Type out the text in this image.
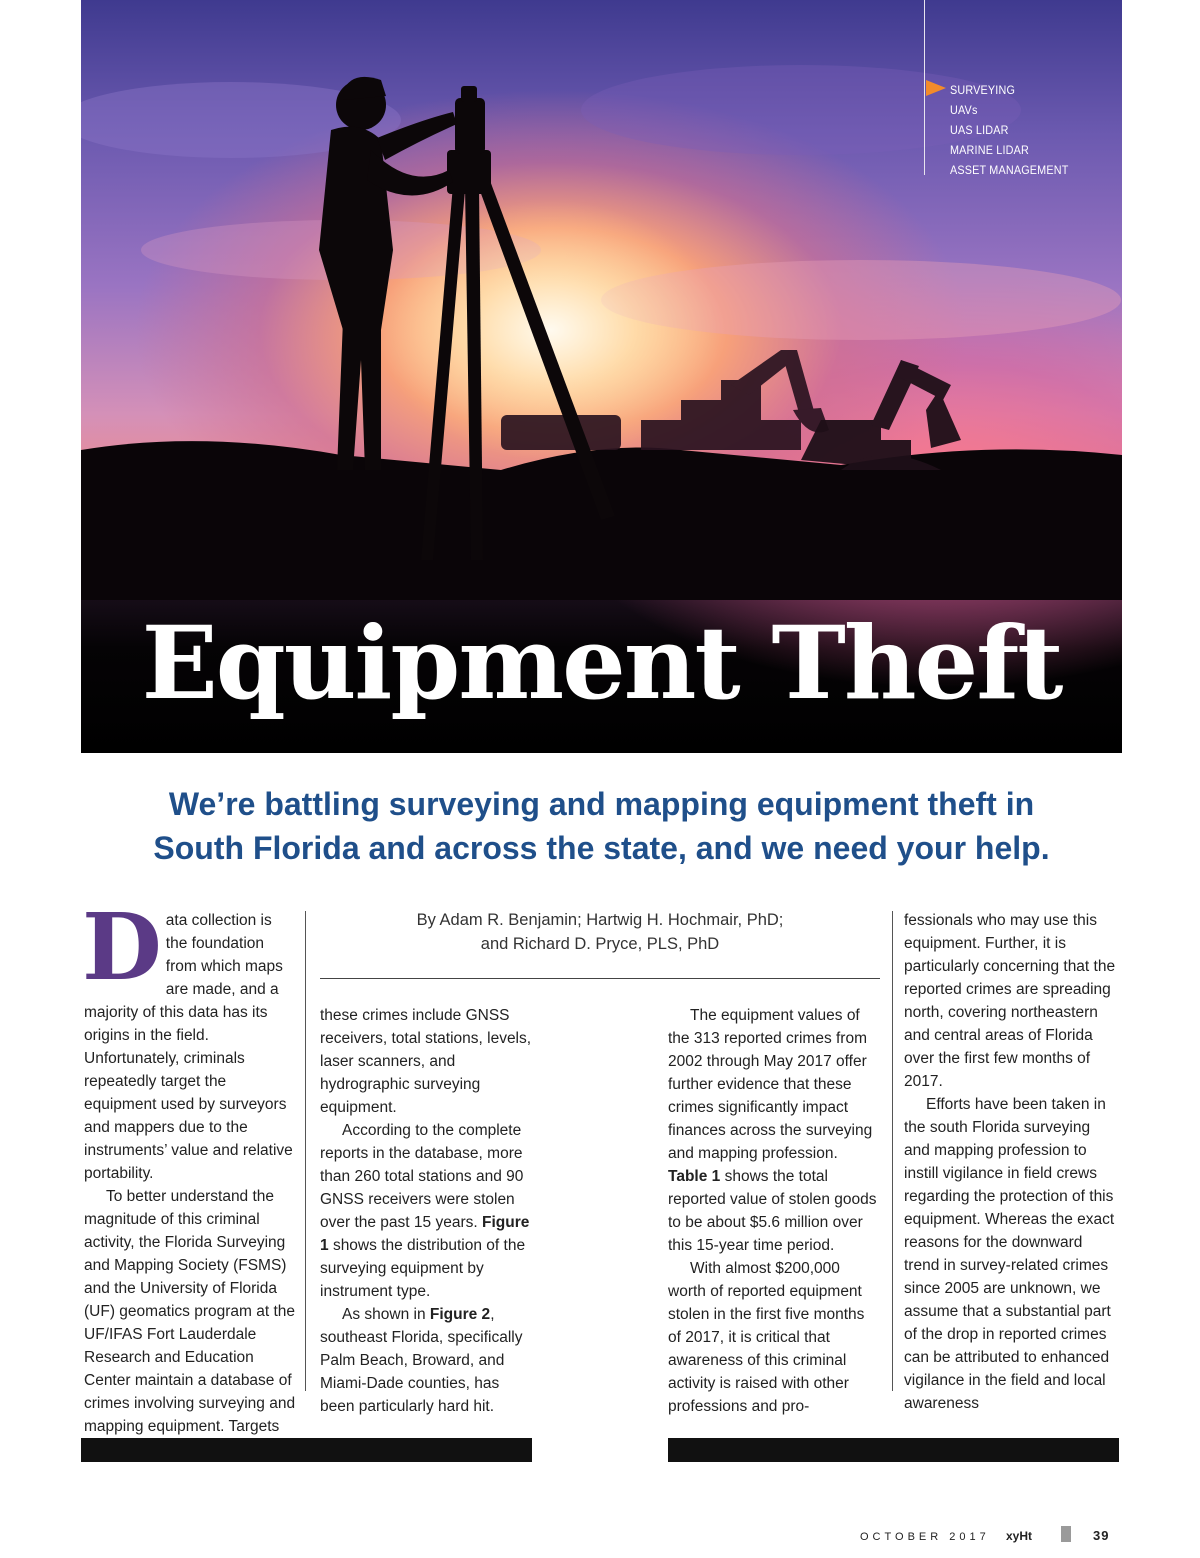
SURVEYING
UAVs
UAS LIDAR
MARINE LIDAR
ASSET MANAGEMENT
Equipment Theft
We’re battling surveying and mapping equipment theft in
South Florida and across the state, and we need your help.

Data collection is the foundation from which maps are made, and a majority of this data has its origins in the field. Unfortunately, criminals repeatedly target the equipment used by surveyors and mappers due to the instruments’ value and relative portability.

To better understand the magnitude of this criminal activity, the Florida Surveying and Mapping Society (FSMS) and the University of Florida (UF) geomatics program at the UF/IFAS Fort Lauderdale Research and Education Center maintain a database of crimes involving surveying and mapping equipment. Targets

By Adam R. Benjamin; Hartwig H. Hochmair, PhD;
and Richard D. Pryce, PLS, PhD

these crimes include GNSS receivers, total stations, levels, laser scanners, and hydrographic surveying equipment.

According to the complete reports in the database, more than 260 total stations and 90 GNSS receivers were stolen over the past 15 years. Figure 1 shows the distribution of the surveying equipment by instrument type.

As shown in Figure 2, southeast Florida, specifically Palm Beach, Broward, and Miami-Dade counties, has been particularly hard hit.

The equipment values of the 313 reported crimes from 2002 through May 2017 offer further evidence that these crimes significantly impact finances across the surveying and mapping profession. Table 1 shows the total reported value of stolen goods to be about $5.6 million over this 15-year time period.

With almost $200,000 worth of reported equipment stolen in the first five months of 2017, it is critical that awareness of this criminal activity is raised with other professions and pro-

fessionals who may use this equipment. Further, it is particularly concerning that the reported crimes are spreading north, covering northeastern and central areas of Florida over the first few months of 2017.

Efforts have been taken in the south Florida surveying and mapping profession to instill vigilance in field crews regarding the protection of this equipment. Whereas the exact reasons for the downward trend in survey-related crimes since 2005 are unknown, we assume that a substantial part of the drop in reported crimes can be attributed to enhanced vigilance in the field and local awareness

OCTOBER 2017 xyHt	39
